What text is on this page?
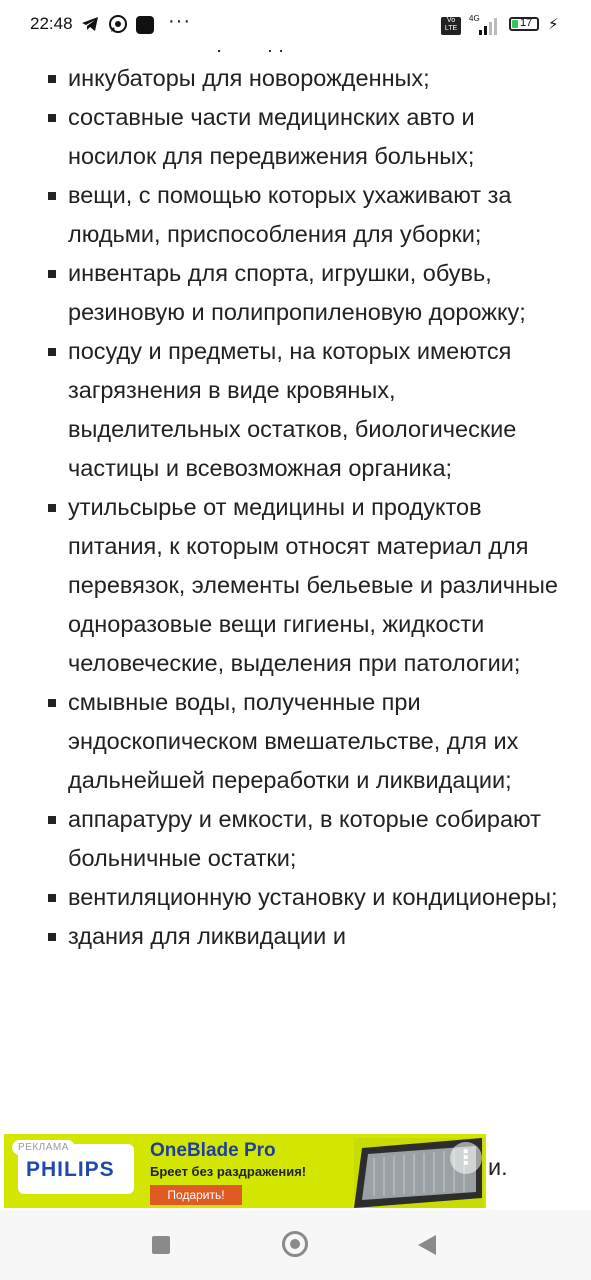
22:48	···	Vo
LTE
4G	17 ⚡
инкубаторы для новорожденных;
составные части медицинских авто и носилок для передвижения больных;
вещи, с помощью которых ухаживают за людьми, приспособления для уборки;
инвентарь для спорта, игрушки, обувь, резиновую и полипропиленовую дорожку;
посуду и предметы, на которых имеются загрязнения в виде кровяных, выделительных остатков, биологические частицы и всевозможная органика;
утильсырье от медицины и продуктов питания, к которым относят материал для перевязок, элементы бельевые и различные одноразовые вещи гигиены, жидкости человеческие, выделения при патологии;
смывные воды, полученные при эндоскопическом вмешательстве, для их дальнейшей переработки и ликвидации;
аппаратуру и емкости, в которые собирают больничные остатки;
вентиляционную установку и кондиционеры;
здания для ликвидации и
и.
РЕКЛАМА
PHILIPS
OneBlade Pro
Бреет без раздражения!
Подарить!
⋮
